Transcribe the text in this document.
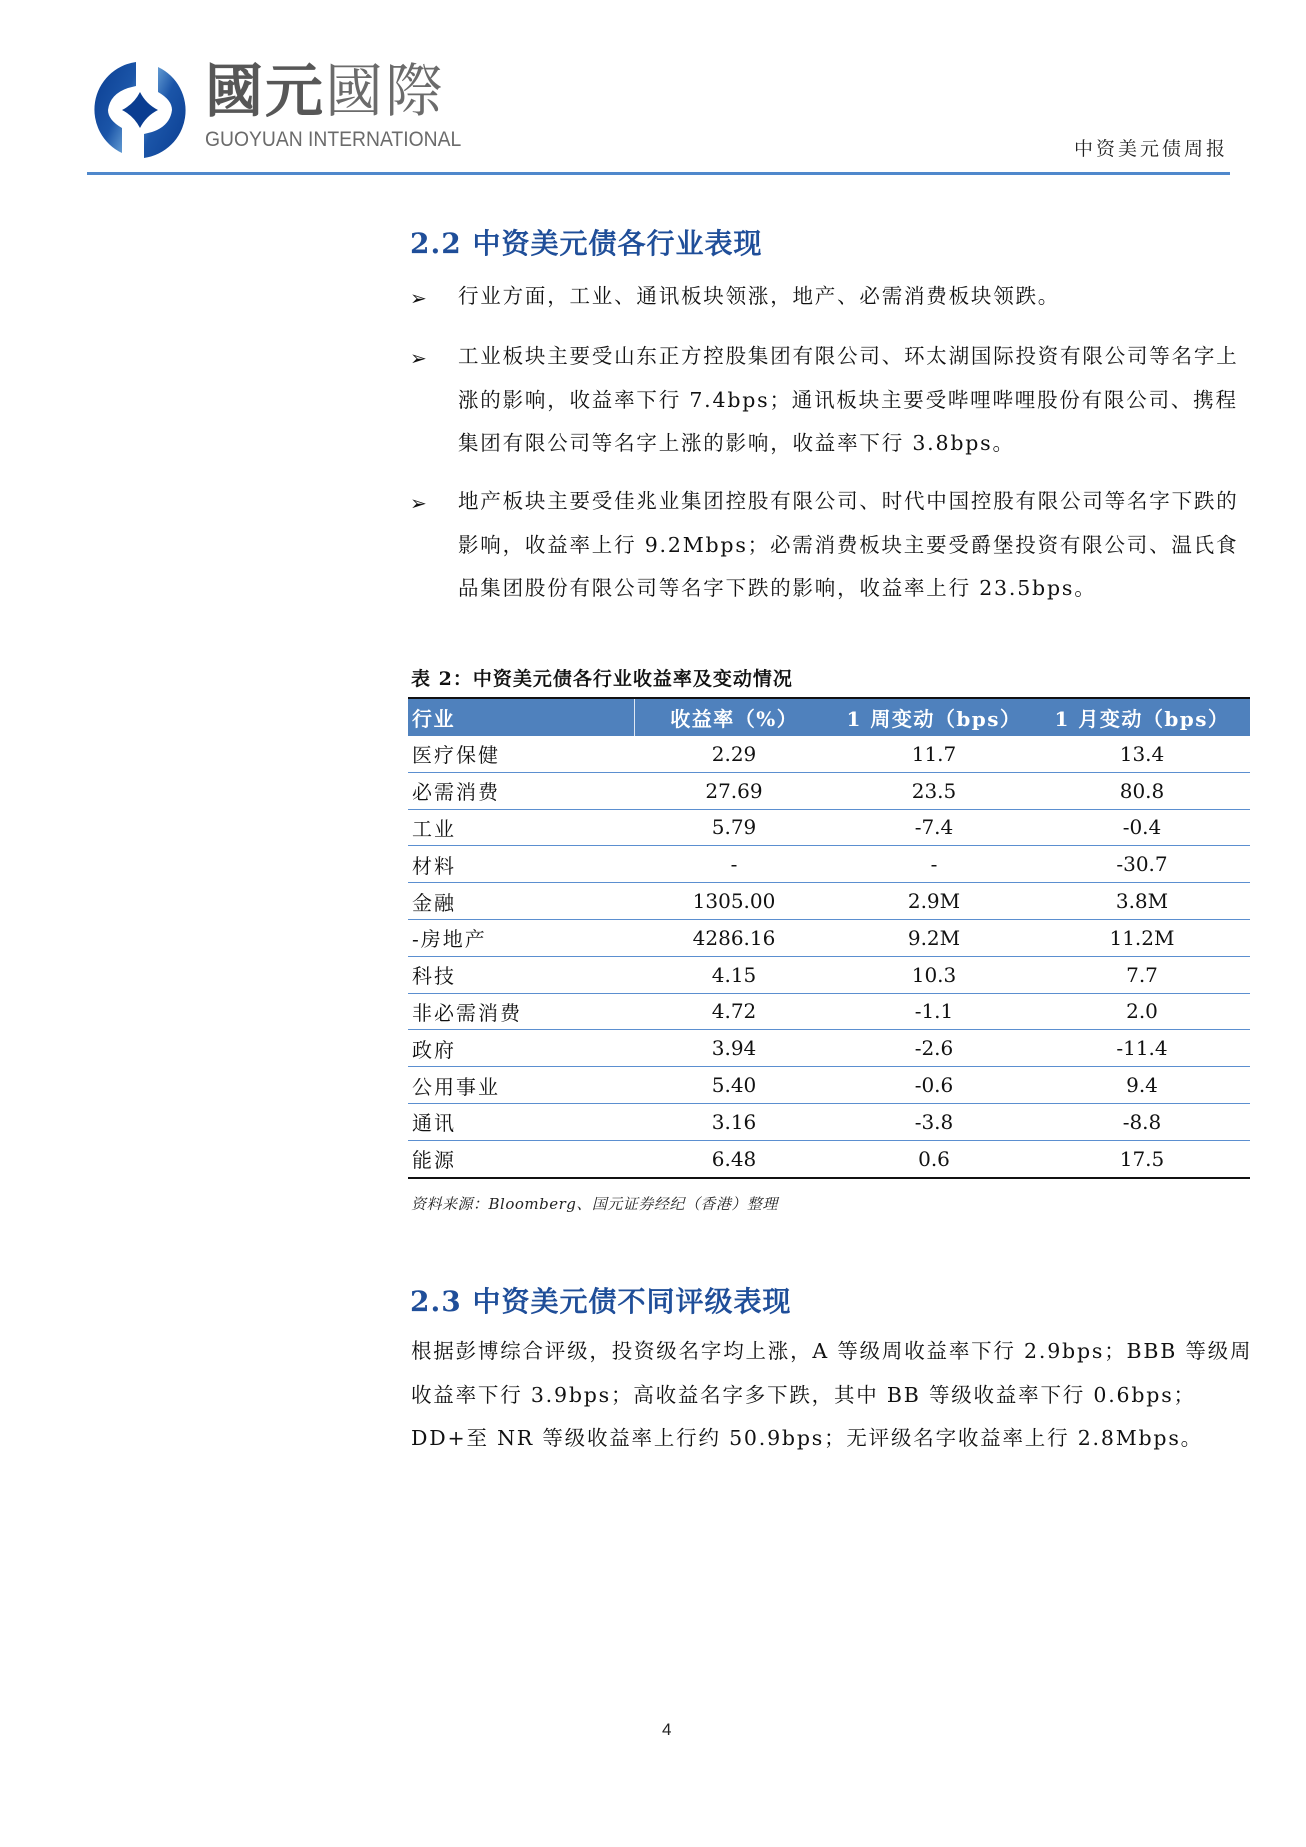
國元國際
GUOYUAN INTERNATIONAL	中资美元债周报
2.2 中资美元债各行业表现
➢ 行业方面，工业、通讯板块领涨，地产、必需消费板块领跌。
➢ 工业板块主要受山东正方控股集团有限公司、环太湖国际投资有限公司等名字上涨的影响，收益率下行 7.4bps；通讯板块主要受哔哩哔哩股份有限公司、携程集团有限公司等名字上涨的影响，收益率下行 3.8bps。
➢ 地产板块主要受佳兆业集团控股有限公司、时代中国控股有限公司等名字下跌的影响，收益率上行 9.2Mbps；必需消费板块主要受爵堡投资有限公司、温氏食品集团股份有限公司等名字下跌的影响，收益率上行 23.5bps。
表 2：中资美元债各行业收益率及变动情况
行业	收益率（%）	1 周变动（bps）	1 月变动（bps）
医疗保健	2.29	11.7	13.4
必需消费	27.69	23.5	80.8
工业	5.79	-7.4	-0.4
材料	-	-	-30.7
金融	1305.00	2.9M	3.8M
-房地产	4286.16	9.2M	11.2M
科技	4.15	10.3	7.7
非必需消费	4.72	-1.1	2.0
政府	3.94	-2.6	-11.4
公用事业	5.40	-0.6	9.4
通讯	3.16	-3.8	-8.8
能源	6.48	0.6	17.5
资料来源：Bloomberg、国元证券经纪（香港）整理
2.3 中资美元债不同评级表现
根据彭博综合评级，投资级名字均上涨，A 等级周收益率下行 2.9bps；BBB 等级周收益率下行 3.9bps；高收益名字多下跌，其中 BB 等级收益率下行 0.6bps；DD+至 NR 等级收益率上行约 50.9bps；无评级名字收益率上行 2.8Mbps。
4
